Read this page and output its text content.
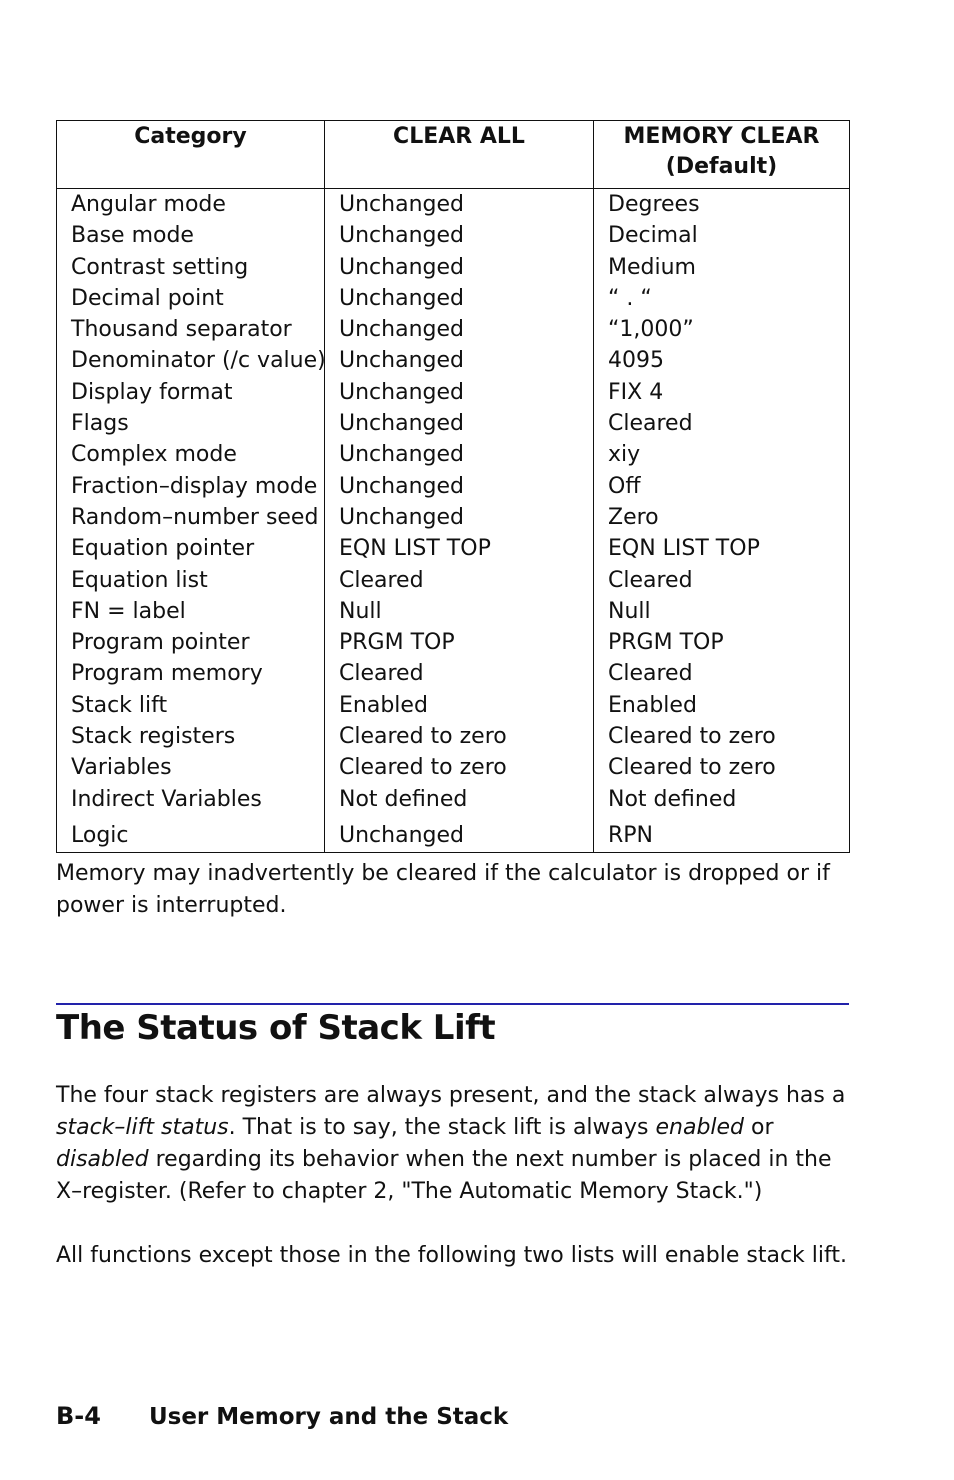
Category	CLEAR ALL	MEMORY CLEAR
(Default)
Angular mode	Unchanged	Degrees
Base mode	Unchanged	Decimal
Contrast setting	Unchanged	Medium
Decimal point	Unchanged	“ . “
Thousand separator	Unchanged	“1,000”
Denominator (/c value)	Unchanged	4095
Display format	Unchanged	FIX 4
Flags	Unchanged	Cleared
Complex mode	Unchanged	xiy
Fraction–display mode	Unchanged	Off
Random–number seed	Unchanged	Zero
Equation pointer	EQN LIST TOP	EQN LIST TOP
Equation list	Cleared	Cleared
FN = label	Null	Null
Program pointer	PRGM TOP	PRGM TOP
Program memory	Cleared	Cleared
Stack lift	Enabled	Enabled
Stack registers	Cleared to zero	Cleared to zero
Variables	Cleared to zero	Cleared to zero
Indirect Variables	Not defined	Not defined
Logic	Unchanged	RPN

Memory may inadvertently be cleared if the calculator is dropped or if power is interrupted.

The Status of Stack Lift

The four stack registers are always present, and the stack always has a stack–lift status. That is to say, the stack lift is always enabled or disabled regarding its behavior when the next number is placed in the X–register. (Refer to chapter 2, "The Automatic Memory Stack.")

All functions except those in the following two lists will enable stack lift.

B-4 User Memory and the Stack
